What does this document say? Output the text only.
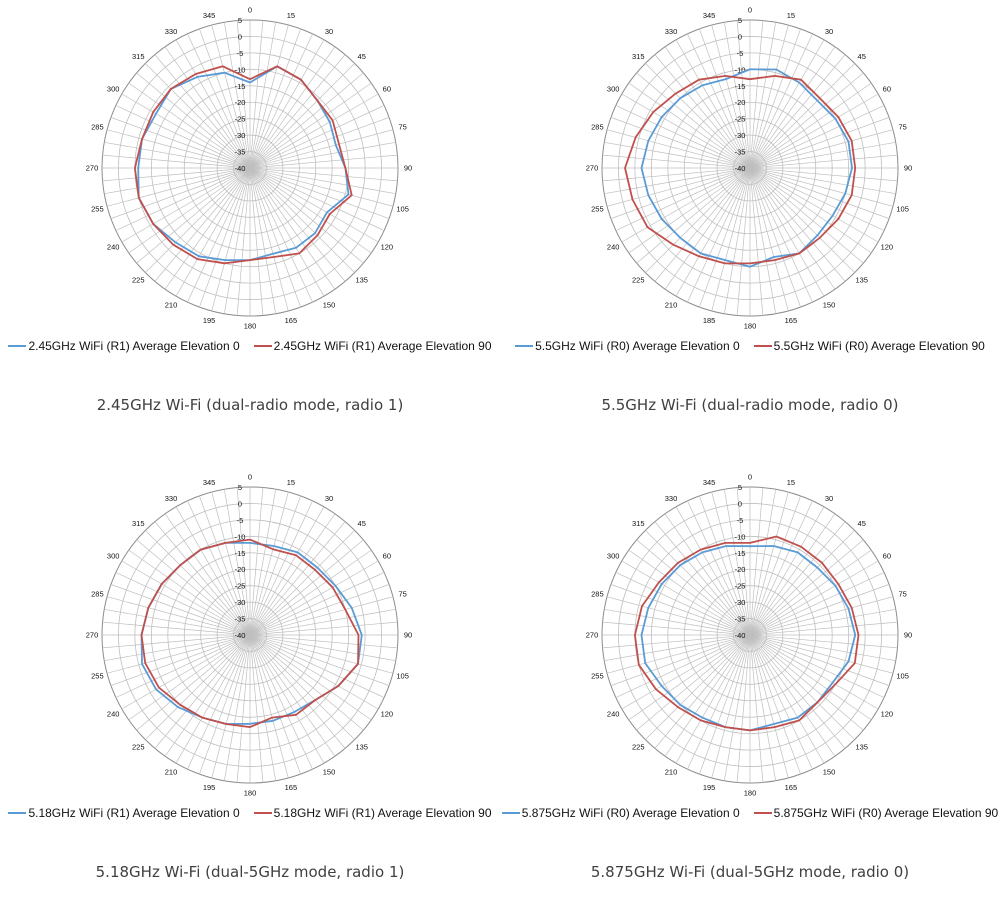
0
15
30
45
60
75
90
105
120
135
150
165
180
195
210
225
240
255
270
285
300
315
330
345
5
0
-5
-10
-15
-20
-25
-30
-35
-40
2.45GHz WiFi (R1) Average Elevation 0	2.45GHz WiFi (R1) Average Elevation 90
2.45GHz Wi-Fi (dual-radio mode, radio 1)
0
15
30
45
60
75
90
105
120
135
150
165
180
185
210
225
240
255
270
285
300
315
330
345
5
0
-5
-10
-15
-20
-25
-30
-35
-40
5.5GHz WiFi (R0) Average Elevation 0	5.5GHz WiFi (R0) Average Elevation 90
5.5GHz Wi-Fi (dual-radio mode, radio 0)
0
15
30
45
60
75
90
105
120
135
150
165
180
195
210
225
240
255
270
285
300
315
330
345
5
0
-5
-10
-15
-20
-25
-30
-35
-40
5.18GHz WiFi (R1) Average Elevation 0	5.18GHz WiFi (R1) Average Elevation 90
5.18GHz Wi-Fi (dual-5GHz mode, radio 1)
0
15
30
45
60
75
90
105
120
135
150
165
180
195
210
225
240
255
270
285
300
315
330
345
5
0
-5
-10
-15
-20
-25
-30
-35
-40
5.875GHz WiFi (R0) Average Elevation 0	5.875GHz WiFi (R0) Average Elevation 90
5.875GHz Wi-Fi (dual-5GHz mode, radio 0)
